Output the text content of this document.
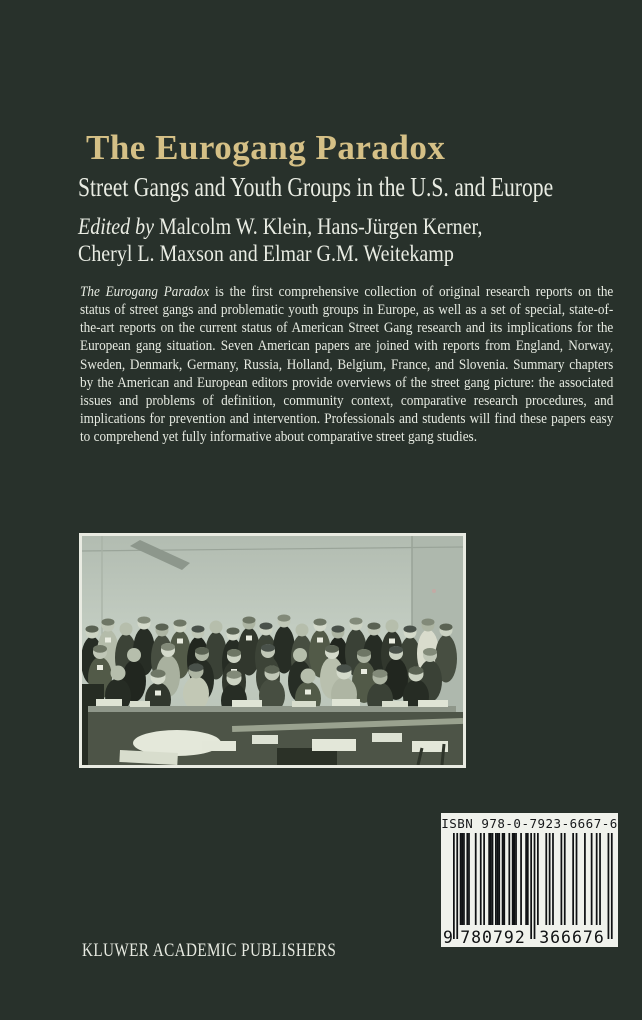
The Eurogang Paradox
Street Gangs and Youth Groups in the U.S. and Europe
Edited by Malcolm W. Klein, Hans-Jürgen Kerner,
Cheryl L. Maxson and Elmar G.M. Weitekamp

The Eurogang Paradox is the first comprehensive collection of original research reports on the status of street gangs and problematic youth groups in Europe, as well as a set of special, state-of-the-art reports on the current status of American Street Gang research and its implications for the European gang situation. Seven American papers are joined with reports from England, Norway, Sweden, Denmark, Germany, Russia, Holland, Belgium, France, and Slovenia. Summary chapters by the American and European editors provide overviews of the street gang picture: the associated issues and problems of definition, community context, comparative research procedures, and implications for prevention and intervention. Professionals and students will find these papers easy to comprehend yet fully informative about comparative street gang studies.

ISBN 978-0-7923-6667-6
9 780792 366676
KLUWER ACADEMIC PUBLISHERS
